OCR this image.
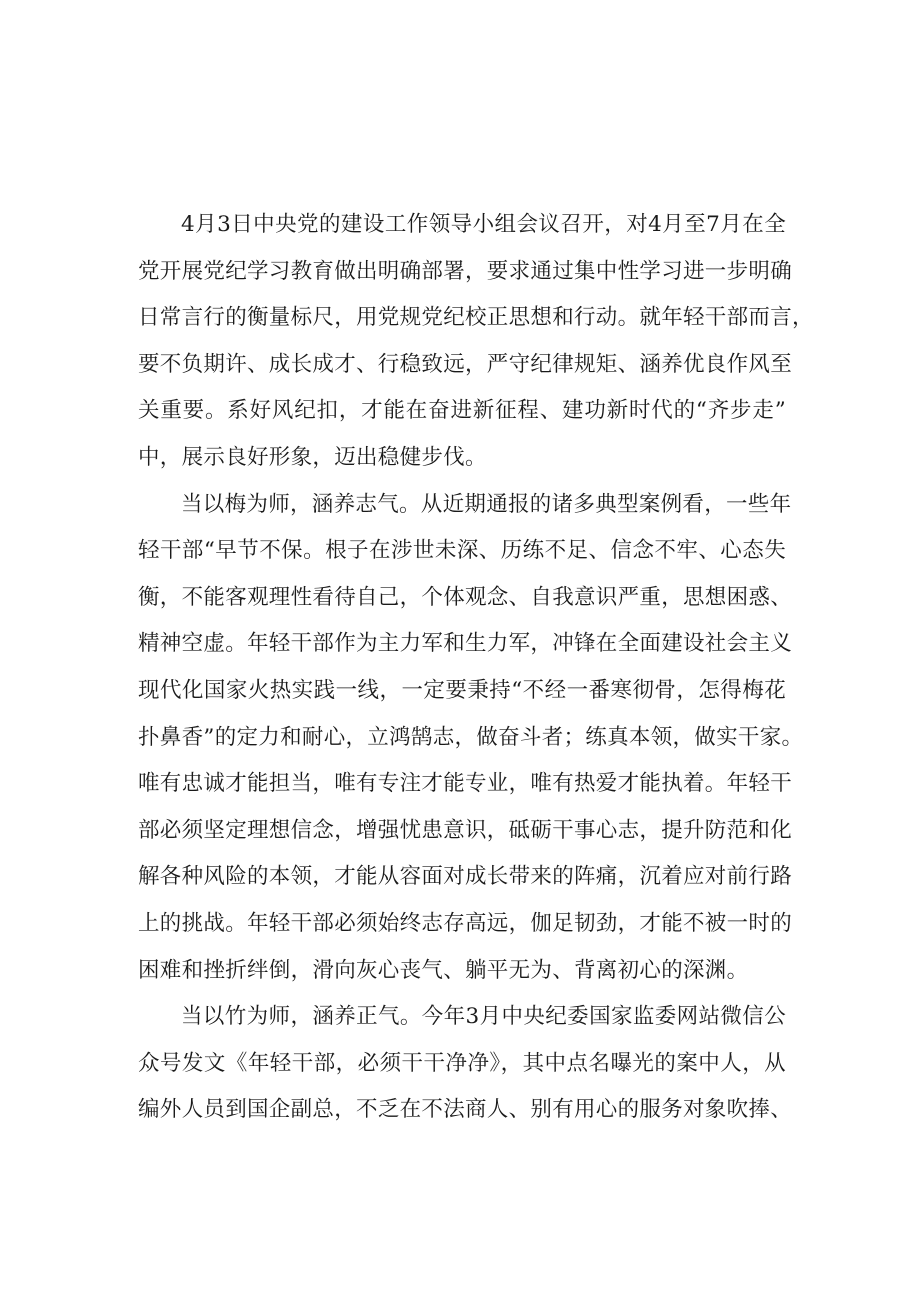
4月3日中央党的建设工作领导小组会议召开，对4月至7月在全
党开展党纪学习教育做出明确部署，要求通过集中性学习进一步明确
日常言行的衡量标尺，用党规党纪校正思想和行动。就年轻干部而言，
要不负期许、成长成才、行稳致远，严守纪律规矩、涵养优良作风至
关重要。系好风纪扣，才能在奋进新征程、建功新时代的“齐步走”
中，展示良好形象，迈出稳健步伐。
当以梅为师，涵养志气。从近期通报的诸多典型案例看，一些年
轻干部“早节不保。根子在涉世未深、历练不足、信念不牢、心态失
衡，不能客观理性看待自己，个体观念、自我意识严重，思想困惑、
精神空虚。年轻干部作为主力军和生力军，冲锋在全面建设社会主义
现代化国家火热实践一线，一定要秉持“不经一番寒彻骨，怎得梅花
扑鼻香”的定力和耐心，立鸿鹄志，做奋斗者；练真本领，做实干家。
唯有忠诚才能担当，唯有专注才能专业，唯有热爱才能执着。年轻干
部必须坚定理想信念，增强忧患意识，砥砺干事心志，提升防范和化
解各种风险的本领，才能从容面对成长带来的阵痛，沉着应对前行路
上的挑战。年轻干部必须始终志存高远，伽足韧劲，才能不被一时的
困难和挫折绊倒，滑向灰心丧气、躺平无为、背离初心的深渊。
当以竹为师，涵养正气。今年3月中央纪委国家监委网站微信公
众号发文《年轻干部，必须干干净净》，其中点名曝光的案中人，从
编外人员到国企副总，不乏在不法商人、别有用心的服务对象吹捧、
